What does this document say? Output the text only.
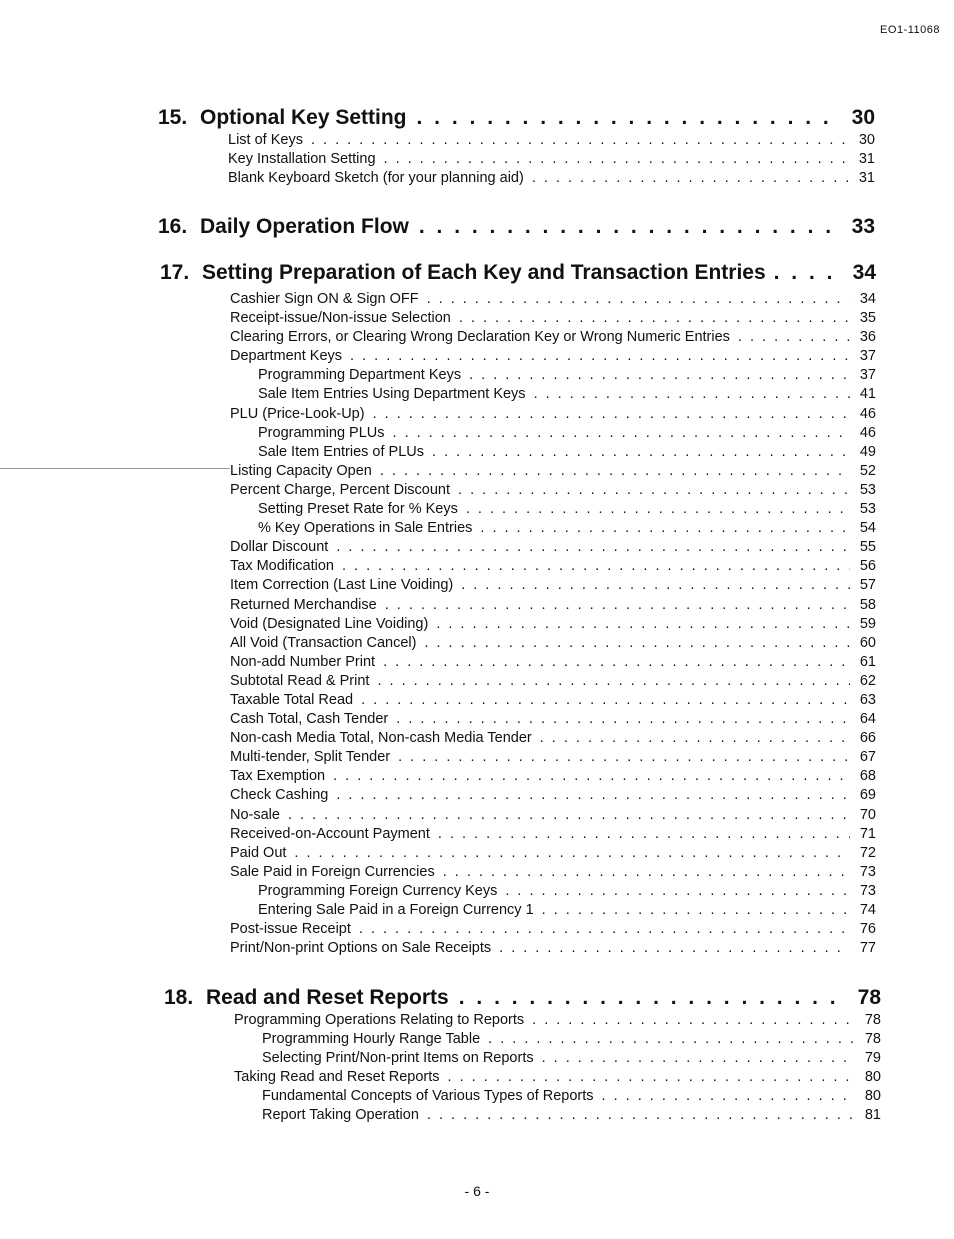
EO1-11068
15. Optional Key Setting . . .	30
List of Keys . . .	30
Key Installation Setting . . .	31
Blank Keyboard Sketch (for your planning aid) . . .	31
16. Daily Operation Flow . . .	33
17. Setting Preparation of Each Key and Transaction Entries . . .	34
Cashier Sign ON & Sign OFF . . .	34
Receipt-issue/Non-issue Selection . . .	35
Clearing Errors, or Clearing Wrong Declaration Key or Wrong Numeric Entries . . .	36
Department Keys . . .	37
Programming Department Keys . . .	37
Sale Item Entries Using Department Keys . . .	41
PLU (Price-Look-Up) . . .	46
Programming PLUs . . .	46
Sale Item Entries of PLUs . . .	49
Listing Capacity Open . . .	52
Percent Charge, Percent Discount . . .	53
Setting Preset Rate for % Keys . . .	53
% Key Operations in Sale Entries . . .	54
Dollar Discount . . .	55
Tax Modification . . .	56
Item Correction (Last Line Voiding) . . .	57
Returned Merchandise . . .	58
Void (Designated Line Voiding) . . .	59
All Void (Transaction Cancel) . . .	60
Non-add Number Print . . .	61
Subtotal Read & Print . . .	62
Taxable Total Read . . .	63
Cash Total, Cash Tender . . .	64
Non-cash Media Total, Non-cash Media Tender . . .	66
Multi-tender, Split Tender . . .	67
Tax Exemption . . .	68
Check Cashing . . .	69
No-sale . . .	70
Received-on-Account Payment . . .	71
Paid Out . . .	72
Sale Paid in Foreign Currencies . . .	73
Programming Foreign Currency Keys . . .	73
Entering Sale Paid in a Foreign Currency 1 . . .	74
Post-issue Receipt . . .	76
Print/Non-print Options on Sale Receipts . . .	77
18. Read and Reset Reports . . .	78
Programming Operations Relating to Reports . . .	78
Programming Hourly Range Table . . .	78
Selecting Print/Non-print Items on Reports . . .	79
Taking Read and Reset Reports . . .	80
Fundamental Concepts of Various Types of Reports . . .	80
Report Taking Operation . . .	81
- 6 -
